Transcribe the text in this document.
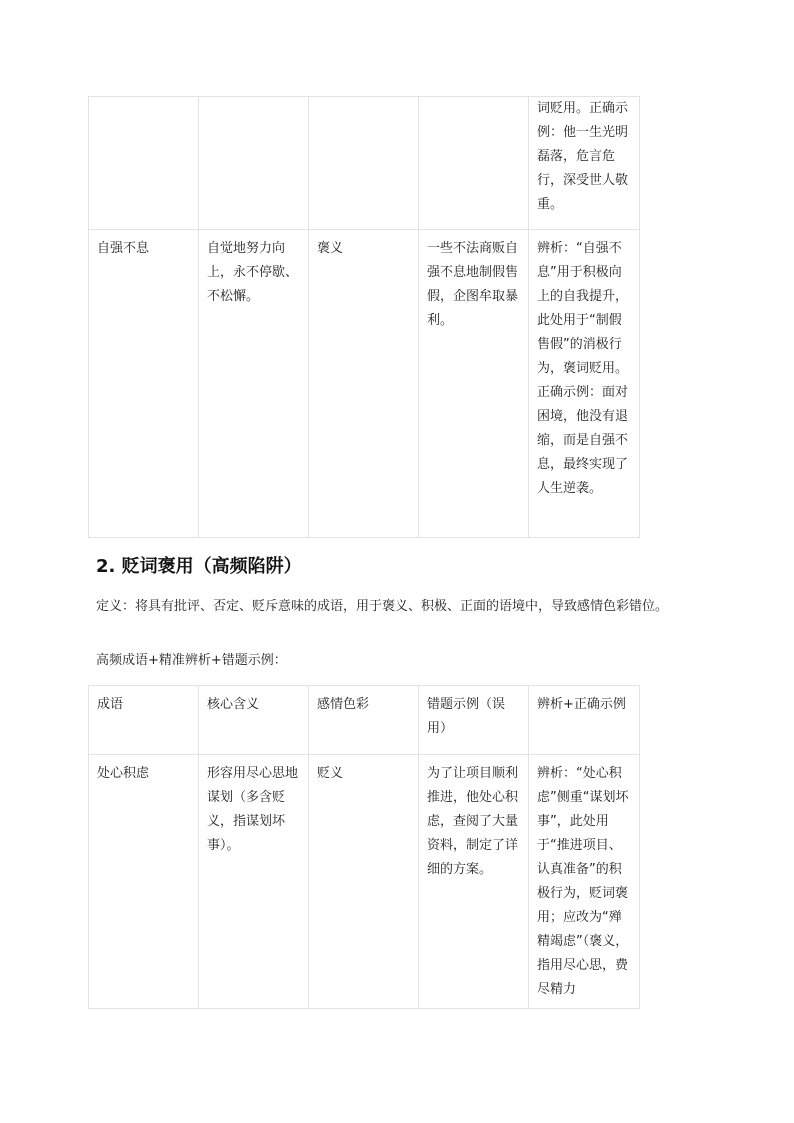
				词贬用。正确示例：他一生光明磊落，危言危行，深受世人敬重。
自强不息	自觉地努力向上，永不停歇、不松懈。	褒义	一些不法商贩自强不息地制假售假，企图牟取暴利。	辨析：“自强不息”用于积极向上的自我提升，此处用于“制假售假”的消极行为，褒词贬用。正确示例：面对困境，他没有退缩，而是自强不息，最终实现了人生逆袭。
2. 贬词褒用（高频陷阱）

定义：将具有批评、否定、贬斥意味的成语，用于褒义、积极、正面的语境中，导致感情色彩错位。

高频成语+精准辨析+错题示例：

成语	核心含义	感情色彩	错题示例（误用）	辨析+正确示例
处心积虑	形容用尽心思地谋划（多含贬义，指谋划坏事）。	贬义	为了让项目顺利推进，他处心积虑，查阅了大量资料，制定了详细的方案。	辨析：“处心积虑”侧重“谋划坏事”，此处用于“推进项目、认真准备”的积极行为，贬词褒用；应改为“殚精竭虑”（褒义，指用尽心思，费尽精力
